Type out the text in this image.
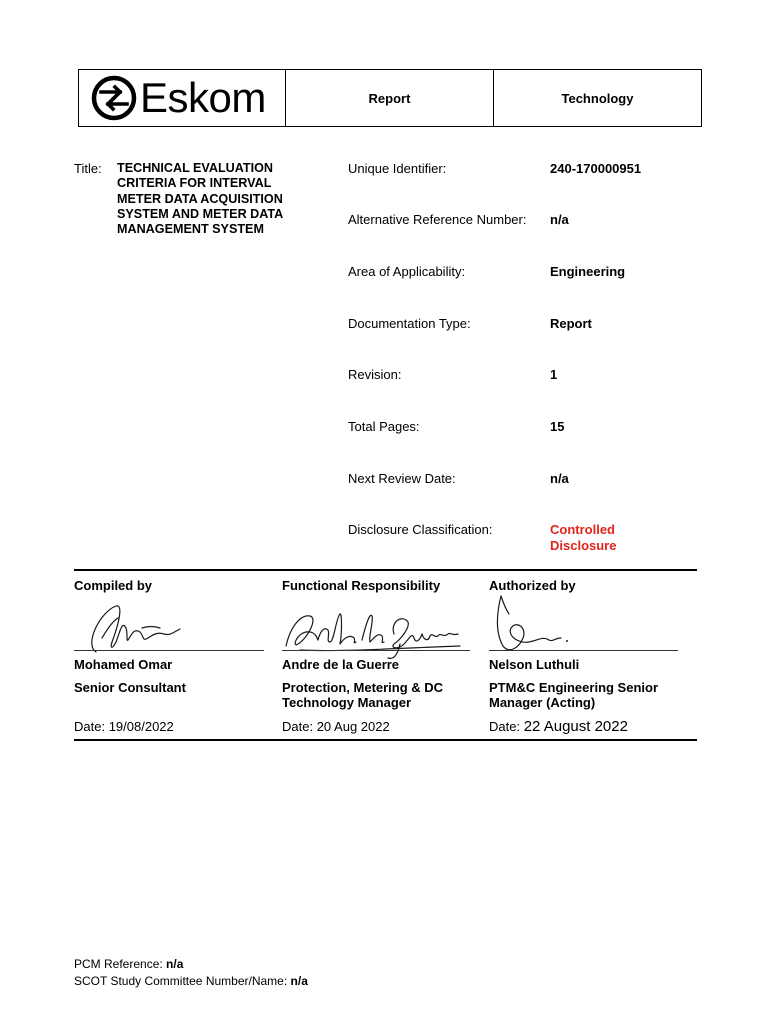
Eskom	Report	Technology
Title: TECHNICAL EVALUATION
CRITERIA FOR INTERVAL
METER DATA ACQUISITION
SYSTEM AND METER DATA
MANAGEMENT SYSTEM
Unique Identifier:	240-170000951
Alternative Reference Number: n/a
Area of Applicability:	Engineering
Documentation Type:	Report
Revision:	1
Total Pages:	15
Next Review Date:	n/a
Disclosure Classification:	Controlled
Disclosure
Compiled by
Mohamed Omar
Senior Consultant
Date: 19/08/2022
Functional Responsibility
Andre de la Guerre
Protection, Metering & DC
Technology Manager
Date: 20 Aug 2022
Authorized by
Nelson Luthuli
PTM&C Engineering Senior
Manager (Acting)
Date: 22 August 2022
PCM Reference: n/a
SCOT Study Committee Number/Name: n/a
